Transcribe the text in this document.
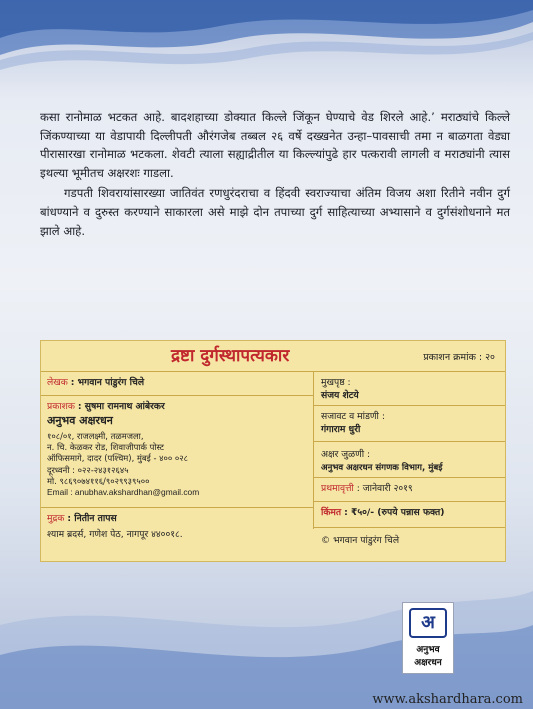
कसा रानोमाळ भटकत आहे. बादशहाच्या डोक्यात किल्ले जिंकून घेण्याचे वेड शिरले आहे.’ मराठ्यांचे किल्ले जिंकण्याच्या या वेडापायी दिल्लीपती औरंगजेब तब्बल २६ वर्षे दख्खनेत उन्हा–पावसाची तमा न बाळगता वेड्या पीरासारखा रानोमाळ भटकला. शेवटी त्याला सह्याद्रीतील या किल्ल्यांपुढे हार पत्करावी लागली व मराठ्यांनी त्यास इथल्या भूमीतच अक्षरशः गाडला.

गडपती शिवरायांसारख्या जातिवंत रणधुरंदराचा व हिंदवी स्वराज्याचा अंतिम विजय अशा रितीने नवीन दुर्ग बांधण्याने व दुरुस्त करण्याने साकारला असे माझे दोन तपाच्या दुर्ग साहित्याच्या अभ्यासाने व दुर्गसंशोधनाने मत झाले आहे.

द्रष्टा दुर्गस्थापत्यकार	प्रकाशन क्रमांक : २०
लेखक : भगवान पांडुरंग चिले
प्रकाशक : सुषमा रामनाथ आंबेरकर
अनुभव अक्षरधन
१०८/०१, राजलक्ष्मी, तळमजला,
न. चि. केळकर रोड, शिवाजीपार्क पोस्ट
ऑफिसमागे, दादर (पश्चिम), मुंबई - ४०० ०२८
दूरध्वनी : ०२२-२४३१२६४५
मो. ९८६९०७४११६/९०२९९३९५००
Email : anubhav.akshardhan@gmail.com
मुद्रक : नितीन तापस
श्याम ब्रदर्स, गणेश पेठ, नागपूर ४४००१८.
मुखपृष्ठ :
संजय शेटये
सजावट व मांडणी :
गंगाराम धुरी
अक्षर जुळणी :
अनुभव अक्षरधन संगणक विभाग, मुंबई
प्रथमावृत्ती : जानेवारी २०१९
किंमत : ₹५०/- (रुपये पन्नास फक्त)
© भगवान पांडुरंग चिले
अ
अनुभव
अक्षरधन
www.akshardhara.com
